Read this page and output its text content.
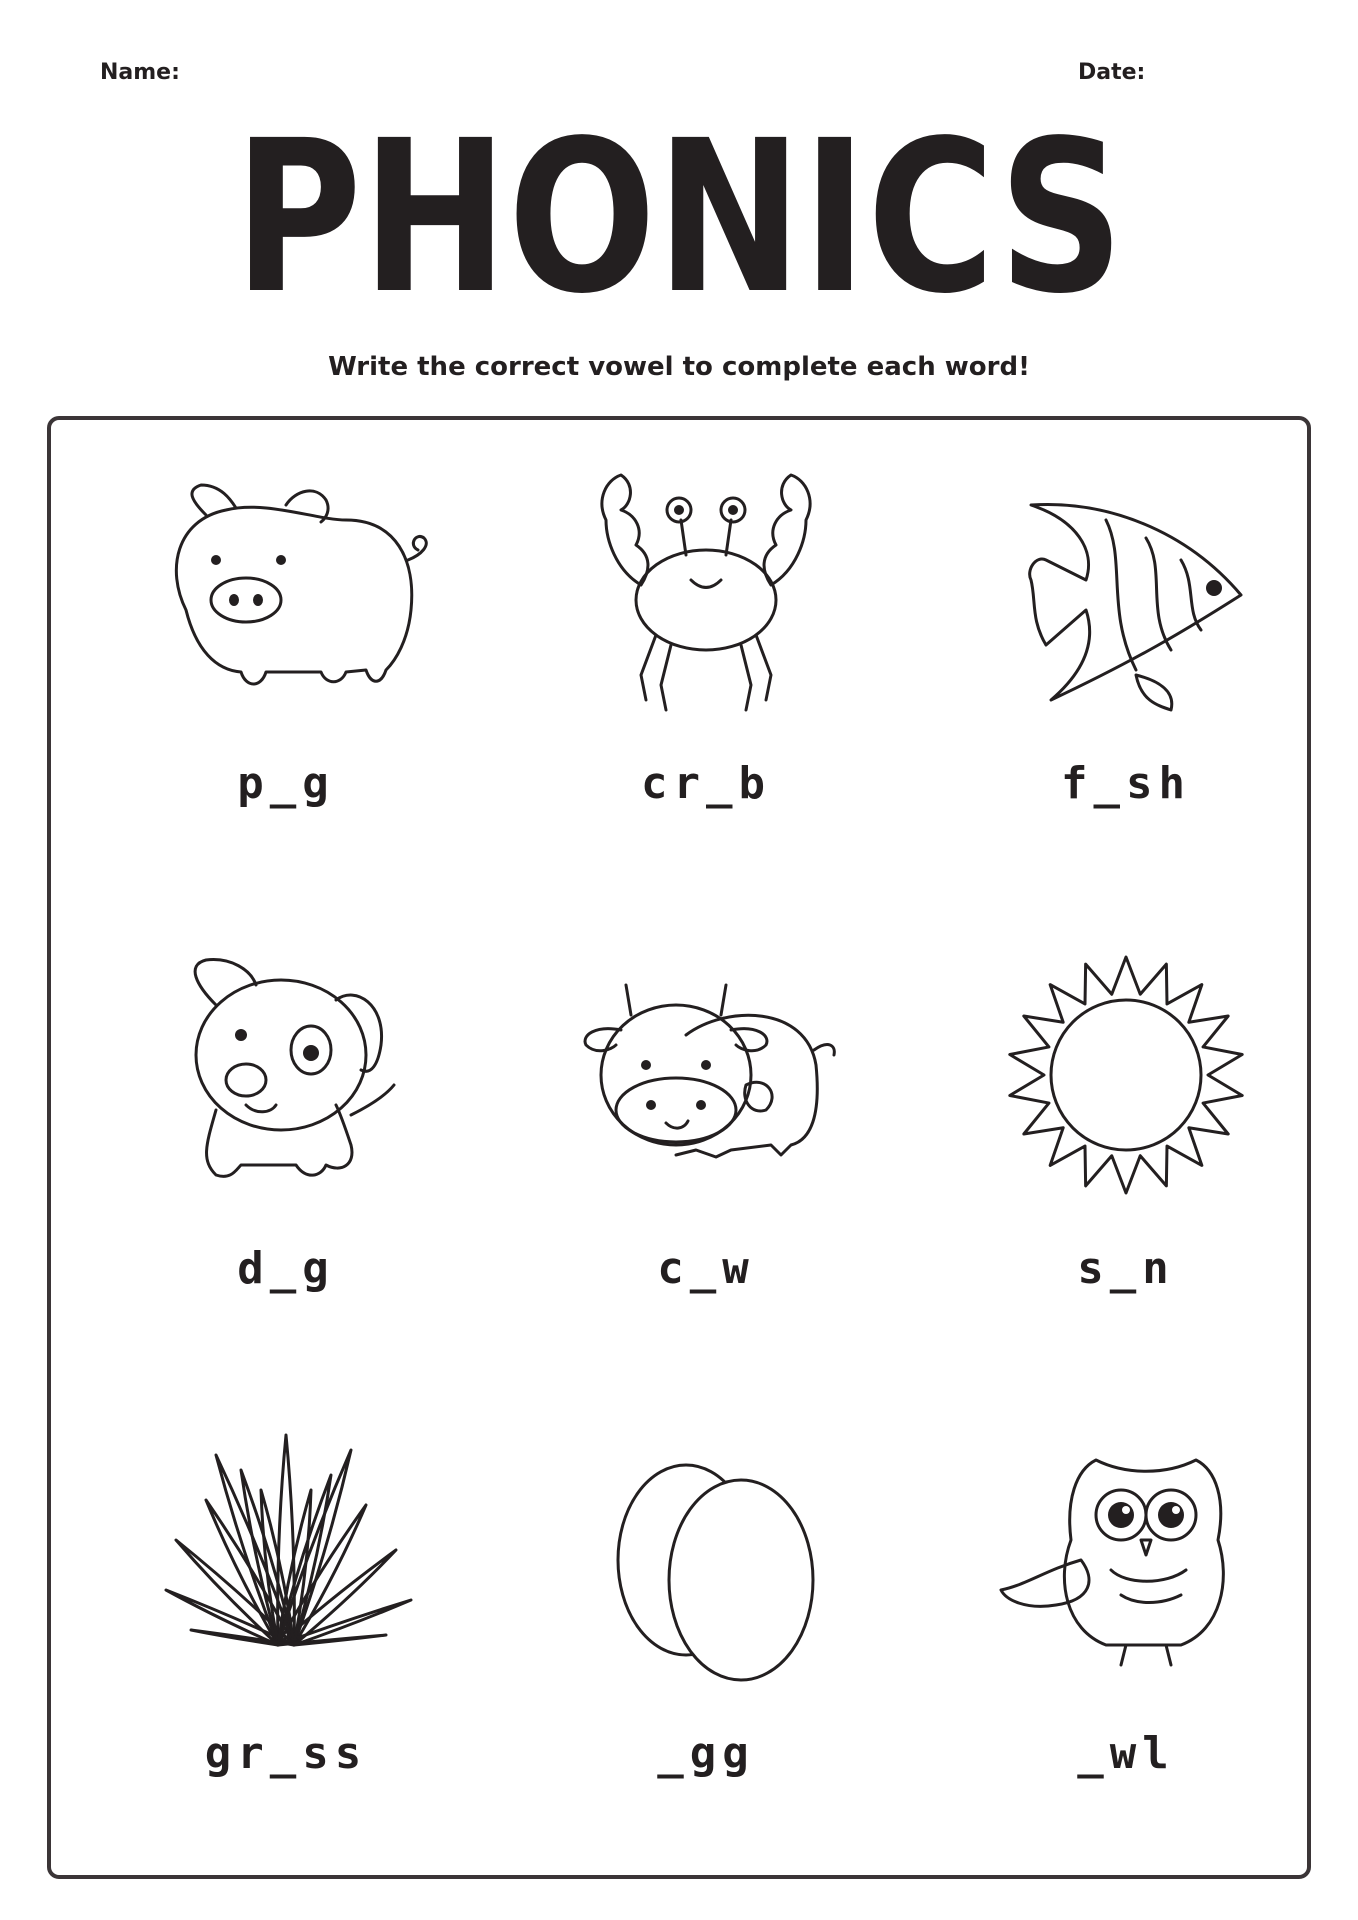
Name:	Date:
PHONICS
Write the correct vowel to complete each word!
p_g	cr_b	f_sh
d_g	c_w	s_n
gr_ss	_gg	_wl
